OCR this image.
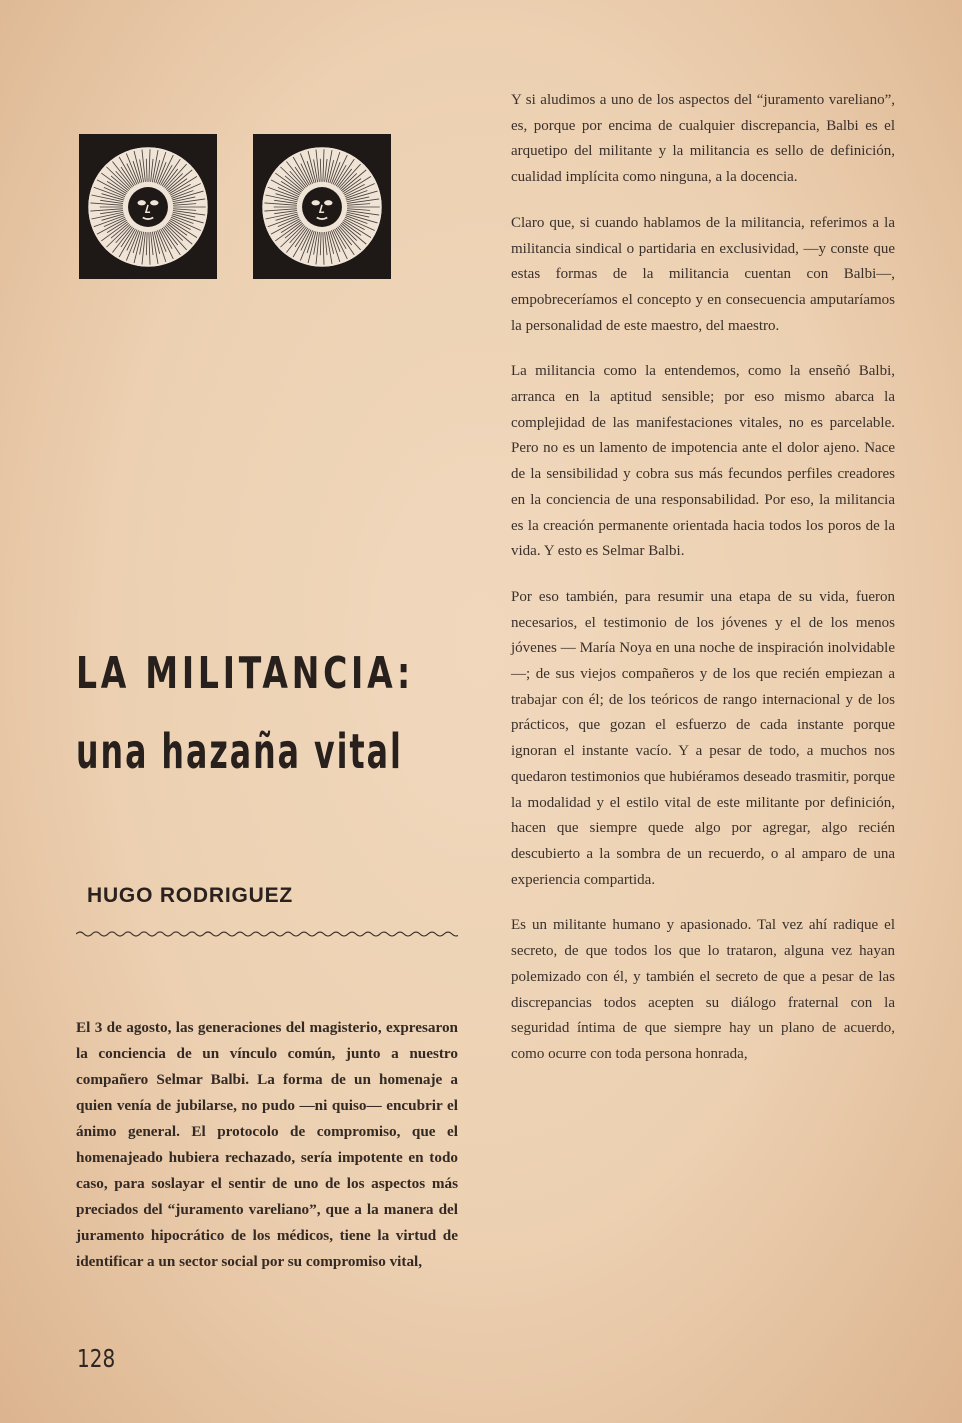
LA MILITANCIA:
una hazaña vital
HUGO RODRIGUEZ
El 3 de agosto, las generaciones del magisterio, expresaron la conciencia de un vínculo común, junto a nuestro compañero Selmar Balbi. La forma de un homenaje a quien venía de jubilarse, no pudo —ni quiso— encubrir el ánimo general. El protocolo de compromiso, que el homenajeado hubiera rechazado, sería impotente en todo caso, para soslayar el sentir de uno de los aspectos más preciados del “juramento vareliano”, que a la manera del juramento hipocrático de los médicos, tiene la virtud de identificar a un sector social por su compromiso vital,

Y si aludimos a uno de los aspectos del “juramento vareliano”, es, porque por encima de cualquier discrepancia, Balbi es el arquetipo del militante y la militancia es sello de definición, cualidad implícita como ninguna, a la docencia.

Claro que, si cuando hablamos de la militancia, referimos a la militancia sindical o partidaria en exclusividad, —y conste que estas formas de la militancia cuentan con Balbi—, empobreceríamos el concepto y en consecuencia amputaríamos la personalidad de este maestro, del maestro.

La militancia como la entendemos, como la enseñó Balbi, arranca en la aptitud sensible; por eso mismo abarca la complejidad de las manifestaciones vitales, no es parcelable. Pero no es un lamento de impotencia ante el dolor ajeno. Nace de la sensibilidad y cobra sus más fecundos perfiles creadores en la conciencia de una responsabilidad. Por eso, la militancia es la creación permanente orientada hacia todos los poros de la vida. Y esto es Selmar Balbi.

Por eso también, para resumir una etapa de su vida, fueron necesarios, el testimonio de los jóvenes y el de los menos jóvenes — María Noya en una noche de inspiración inolvidable—; de sus viejos compañeros y de los que recién empiezan a trabajar con él; de los teóricos de rango internacional y de los prácticos, que gozan el esfuerzo de cada instante porque ignoran el instante vacío. Y a pesar de todo, a muchos nos quedaron testimonios que hubiéramos deseado trasmitir, porque la modalidad y el estilo vital de este militante por definición, hacen que siempre quede algo por agregar, algo recién descubierto a la sombra de un recuerdo, o al amparo de una experiencia compartida.

Es un militante humano y apasionado. Tal vez ahí radique el secreto, de que todos los que lo trataron, alguna vez hayan polemizado con él, y también el secreto de que a pesar de las discrepancias todos acepten su diálogo fraternal con la seguridad íntima de que siempre hay un plano de acuerdo, como ocurre con toda persona honrada,

128
